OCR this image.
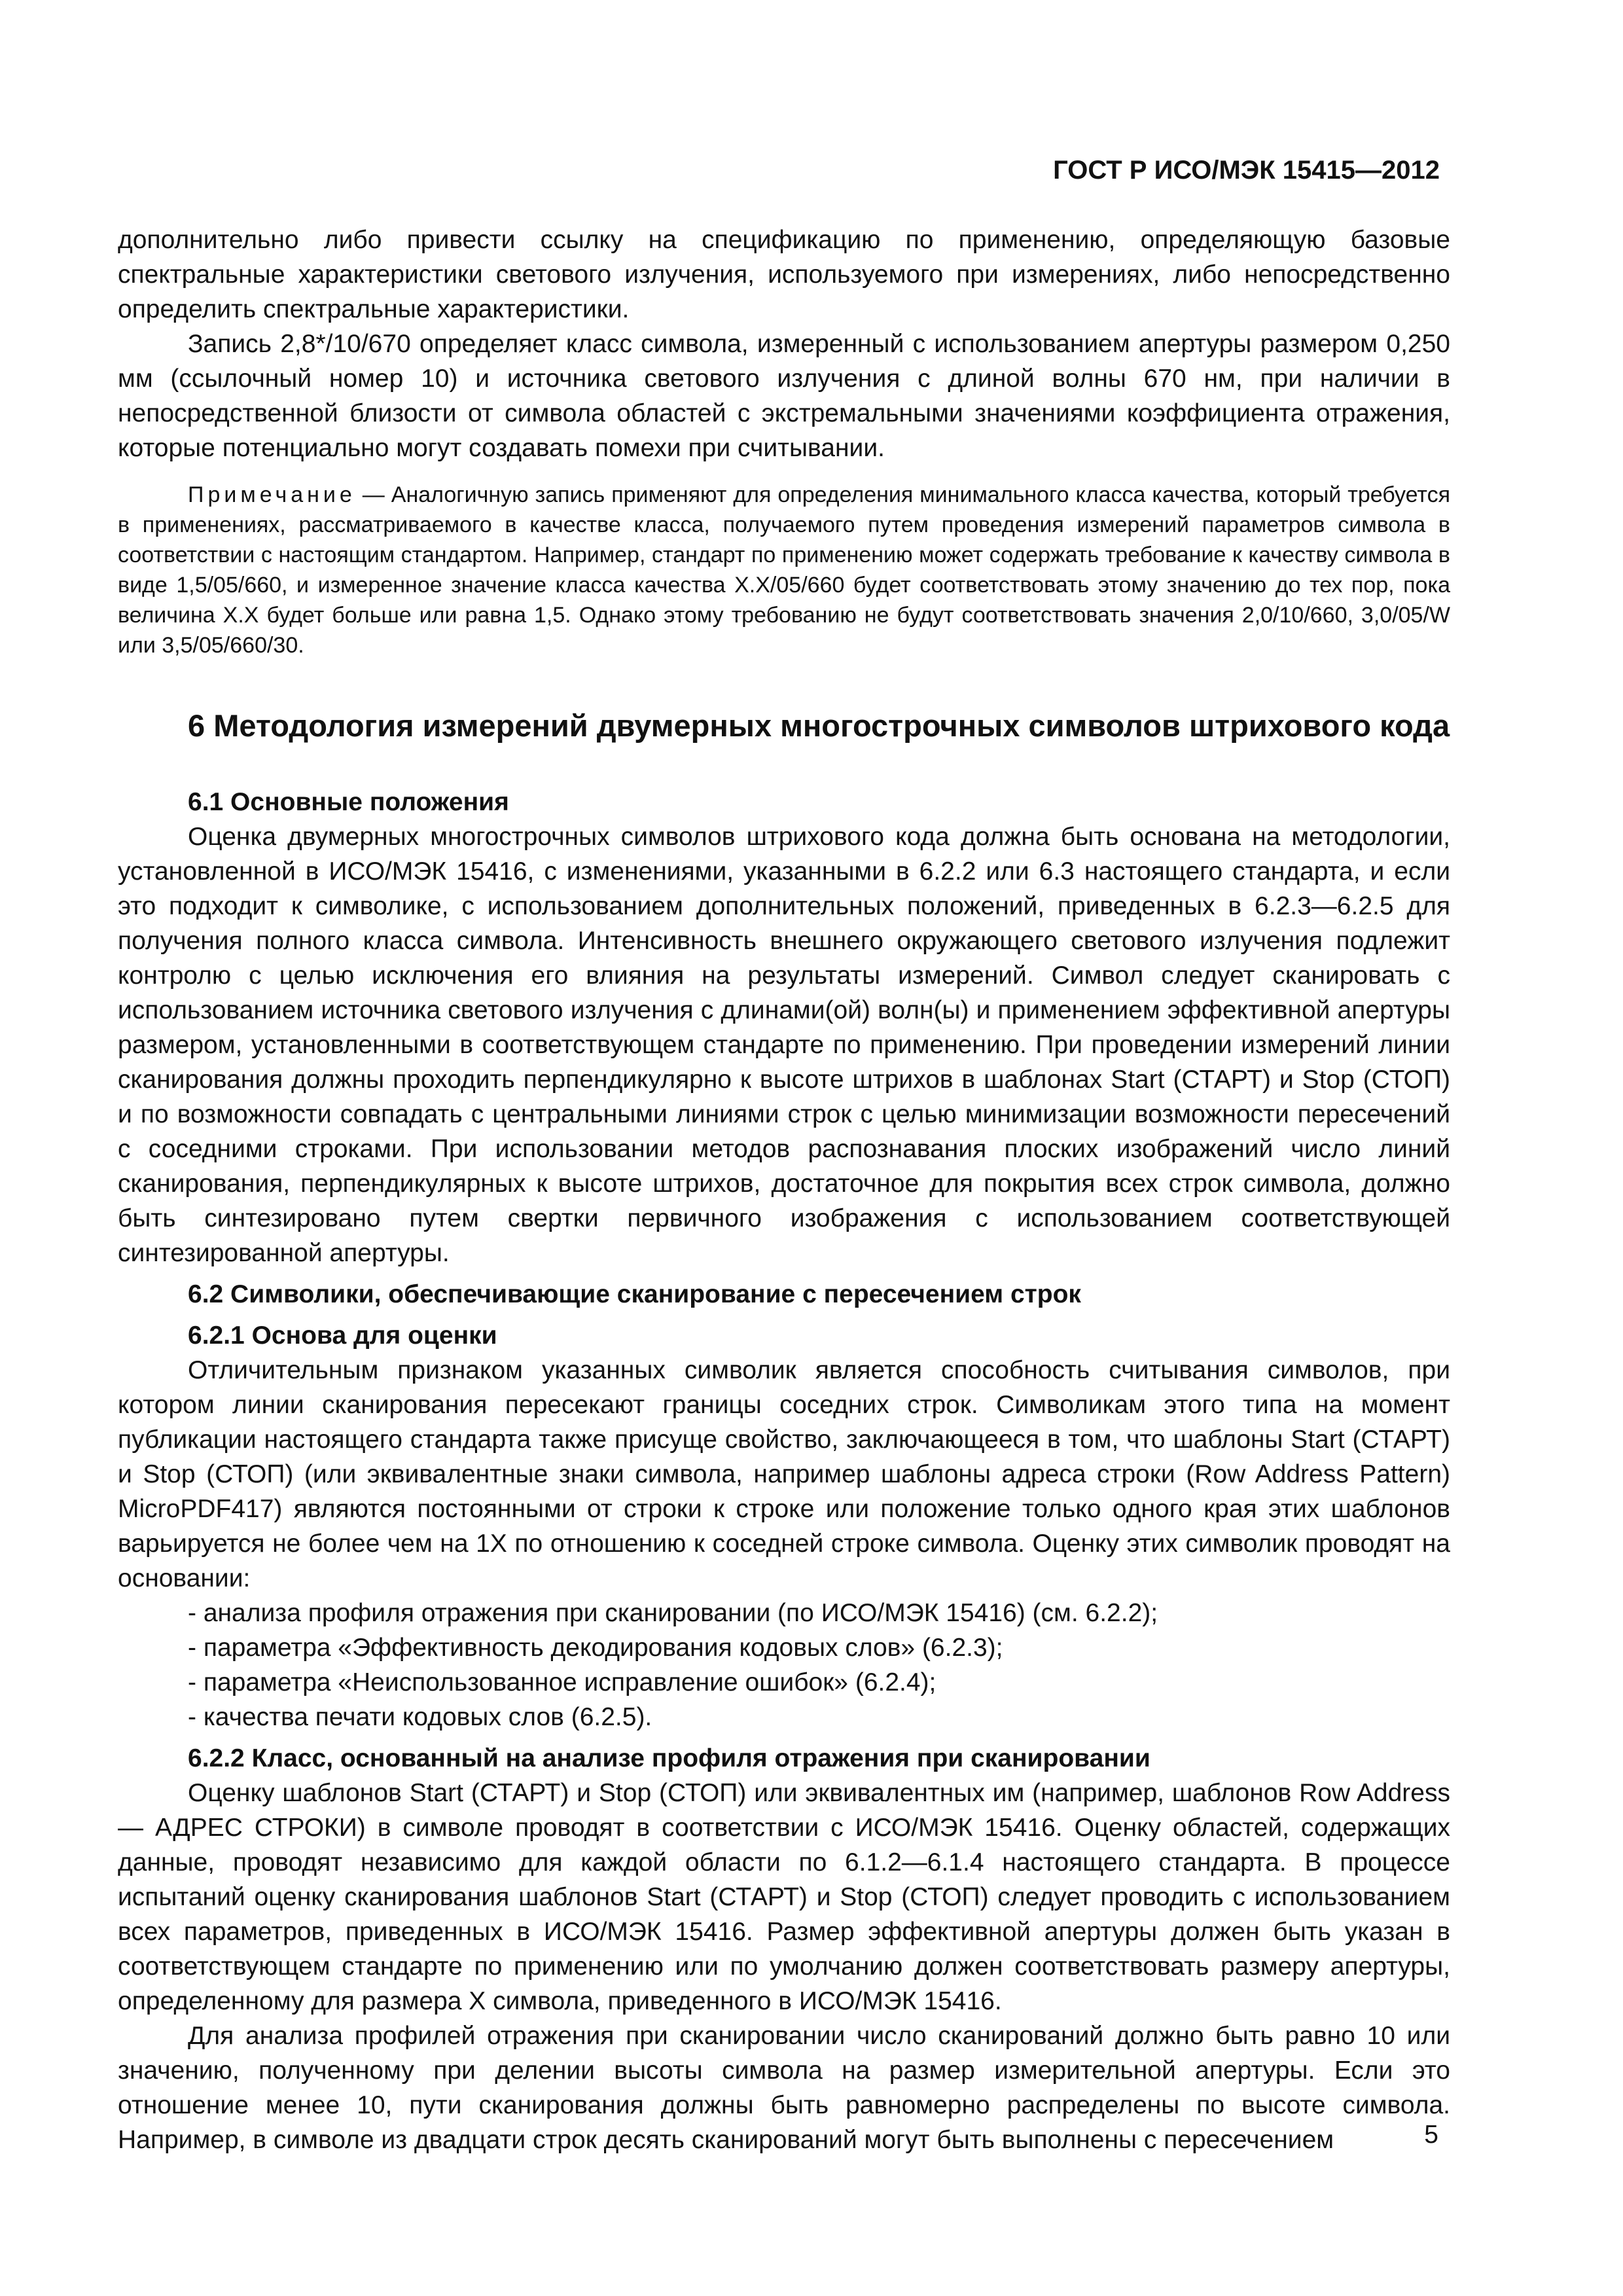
ГОСТ Р ИСО/МЭК 15415—2012

дополнительно либо привести ссылку на спецификацию по применению, определяющую базовые спектральные характеристики светового излучения, используемого при измерениях, либо непосредственно определить спектральные характеристики.

Запись 2,8*/10/670 определяет класс символа, измеренный с использованием апертуры размером 0,250 мм (ссылочный номер 10) и источника светового излучения с длиной волны 670 нм, при наличии в непосредственной близости от символа областей с экстремальными значениями коэффициента отражения, которые потенциально могут создавать помехи при считывании.

Примечание — Аналогичную запись применяют для определения минимального класса качества, который требуется в применениях, рассматриваемого в качестве класса, получаемого путем проведения измерений параметров символа в соответствии с настоящим стандартом. Например, стандарт по применению может содержать требование к качеству символа в виде 1,5/05/660, и измеренное значение класса качества X.X/05/660 будет соответствовать этому значению до тех пор, пока величина X.X будет больше или равна 1,5. Однако этому требованию не будут соответствовать значения 2,0/10/660, 3,0/05/W или 3,5/05/660/30.

6 Методология измерений двумерных многострочных символов штрихового кода
6.1 Основные положения

Оценка двумерных многострочных символов штрихового кода должна быть основана на методологии, установленной в ИСО/МЭК 15416, с изменениями, указанными в 6.2.2 или 6.3 настоящего стандарта, и если это подходит к символике, с использованием дополнительных положений, приведенных в 6.2.3—6.2.5 для получения полного класса символа. Интенсивность внешнего окружающего светового излучения подлежит контролю с целью исключения его влияния на результаты измерений. Символ следует сканировать с использованием источника светового излучения с длинами(ой) волн(ы) и применением эффективной апертуры размером, установленными в соответствующем стандарте по применению. При проведении измерений линии сканирования должны проходить перпендикулярно к высоте штрихов в шаблонах Start (СТАРТ) и Stop (СТОП) и по возможности совпадать с центральными линиями строк с целью минимизации возможности пересечений с соседними строками. При использовании методов распознавания плоских изображений число линий сканирования, перпендикулярных к высоте штрихов, достаточное для покрытия всех строк символа, должно быть синтезировано путем свертки первичного изображения с использованием соответствующей синтезированной апертуры.

6.2 Символики, обеспечивающие сканирование с пересечением строк
6.2.1 Основа для оценки

Отличительным признаком указанных символик является способность считывания символов, при котором линии сканирования пересекают границы соседних строк. Символикам этого типа на момент публикации настоящего стандарта также присуще свойство, заключающееся в том, что шаблоны Start (СТАРТ) и Stop (СТОП) (или эквивалентные знаки символа, например шаблоны адреса строки (Row Address Pattern) MicroPDF417) являются постоянными от строки к строке или положение только одного края этих шаблонов варьируется не более чем на 1X по отношению к соседней строке символа. Оценку этих символик проводят на основании:

- анализа профиля отражения при сканировании (по ИСО/МЭК 15416) (см. 6.2.2);
- параметра «Эффективность декодирования кодовых слов» (6.2.3);
- параметра «Неиспользованное исправление ошибок» (6.2.4);
- качества печати кодовых слов (6.2.5).
6.2.2 Класс, основанный на анализе профиля отражения при сканировании

Оценку шаблонов Start (СТАРТ) и Stop (СТОП) или эквивалентных им (например, шаблонов Row Address — АДРЕС СТРОКИ) в символе проводят в соответствии с ИСО/МЭК 15416. Оценку областей, содержащих данные, проводят независимо для каждой области по 6.1.2—6.1.4 настоящего стандарта. В процессе испытаний оценку сканирования шаблонов Start (СТАРТ) и Stop (СТОП) следует проводить с использованием всех параметров, приведенных в ИСО/МЭК 15416. Размер эффективной апертуры должен быть указан в соответствующем стандарте по применению или по умолчанию должен соответствовать размеру апертуры, определенному для размера X символа, приведенного в ИСО/МЭК 15416.

Для анализа профилей отражения при сканировании число сканирований должно быть равно 10 или значению, полученному при делении высоты символа на размер измерительной апертуры. Если это отношение менее 10, пути сканирования должны быть равномерно распределены по высоте символа. Например, в символе из двадцати строк десять сканирований могут быть выполнены с пересечением	5
